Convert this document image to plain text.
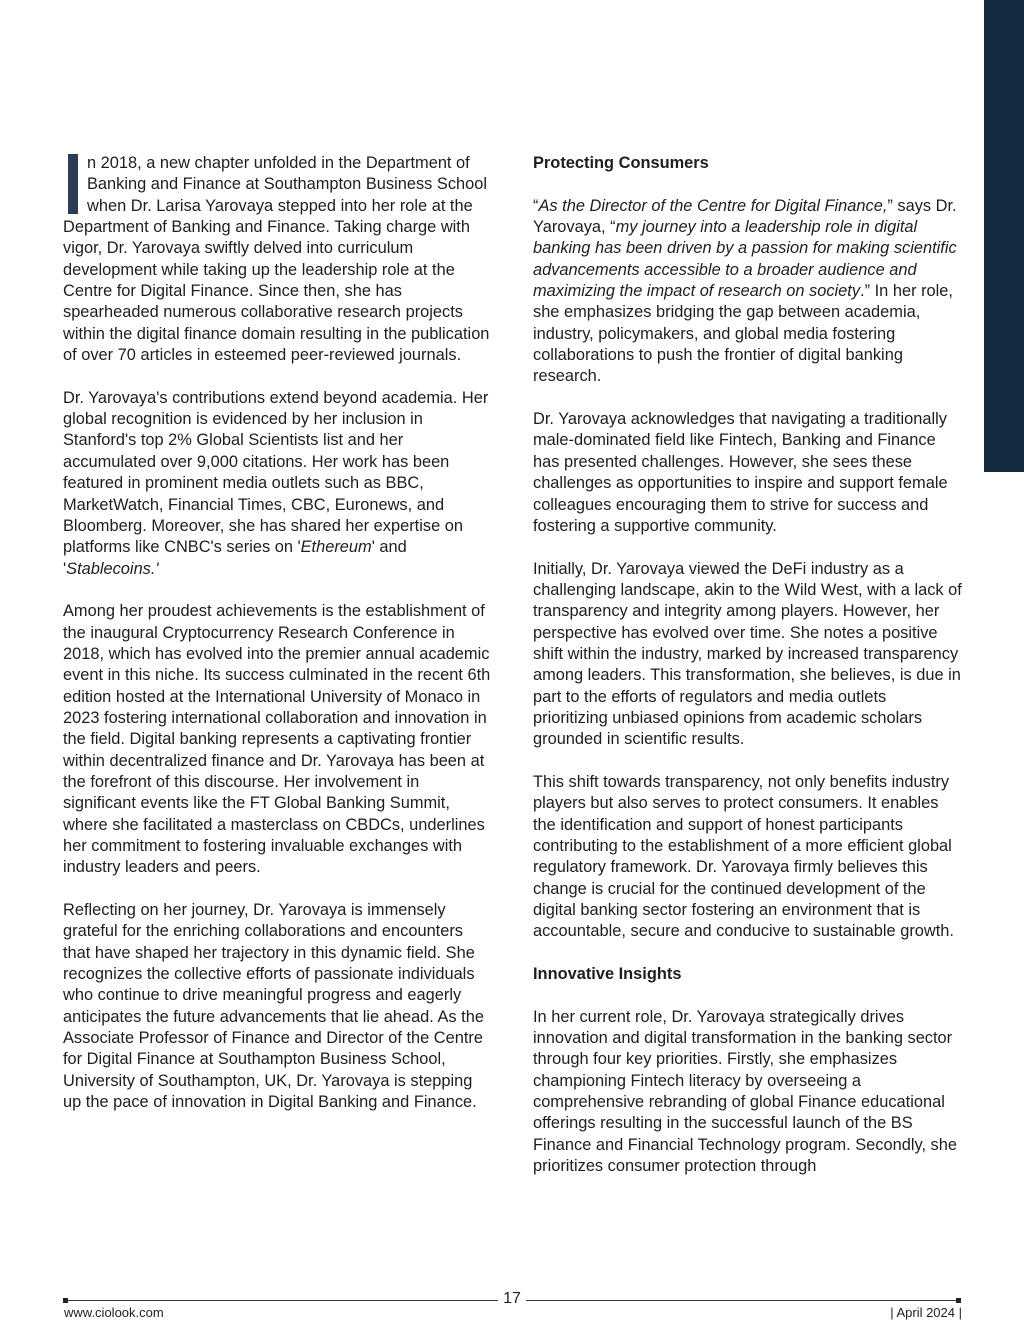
n 2018, a new chapter unfolded in the Department of Banking and Finance at Southampton Business School when Dr. Larisa Yarovaya stepped into her role at the Department of Banking and Finance. Taking charge with vigor, Dr. Yarovaya swiftly delved into curriculum development while taking up the leadership role at the Centre for Digital Finance. Since then, she has spearheaded numerous collaborative research projects within the digital finance domain resulting in the publication of over 70 articles in esteemed peer-reviewed journals.

Dr. Yarovaya's contributions extend beyond academia. Her global recognition is evidenced by her inclusion in Stanford's top 2% Global Scientists list and her accumulated over 9,000 citations. Her work has been featured in prominent media outlets such as BBC, MarketWatch, Financial Times, CBC, Euronews, and Bloomberg. Moreover, she has shared her expertise on platforms like CNBC's series on 'Ethereum' and 'Stablecoins.'

Among her proudest achievements is the establishment of the inaugural Cryptocurrency Research Conference in 2018, which has evolved into the premier annual academic event in this niche. Its success culminated in the recent 6th edition hosted at the International University of Monaco in 2023 fostering international collaboration and innovation in the field. Digital banking represents a captivating frontier within decentralized finance and Dr. Yarovaya has been at the forefront of this discourse. Her involvement in significant events like the FT Global Banking Summit, where she facilitated a masterclass on CBDCs, underlines her commitment to fostering invaluable exchanges with industry leaders and peers.

Reflecting on her journey, Dr. Yarovaya is immensely grateful for the enriching collaborations and encounters that have shaped her trajectory in this dynamic field. She recognizes the collective efforts of passionate individuals who continue to drive meaningful progress and eagerly anticipates the future advancements that lie ahead. As the Associate Professor of Finance and Director of the Centre for Digital Finance at Southampton Business School, University of Southampton, UK, Dr. Yarovaya is stepping up the pace of innovation in Digital Banking and Finance.

Protecting Consumers

“As the Director of the Centre for Digital Finance,” says Dr. Yarovaya, “my journey into a leadership role in digital banking has been driven by a passion for making scientific advancements accessible to a broader audience and maximizing the impact of research on society.” In her role, she emphasizes bridging the gap between academia, industry, policymakers, and global media fostering collaborations to push the frontier of digital banking research.

Dr. Yarovaya acknowledges that navigating a traditionally male-dominated field like Fintech, Banking and Finance has presented challenges. However, she sees these challenges as opportunities to inspire and support female colleagues encouraging them to strive for success and fostering a supportive community.

Initially, Dr. Yarovaya viewed the DeFi industry as a challenging landscape, akin to the Wild West, with a lack of transparency and integrity among players. However, her perspective has evolved over time. She notes a positive shift within the industry, marked by increased transparency among leaders. This transformation, she believes, is due in part to the efforts of regulators and media outlets prioritizing unbiased opinions from academic scholars grounded in scientific results.

This shift towards transparency, not only benefits industry players but also serves to protect consumers. It enables the identification and support of honest participants contributing to the establishment of a more efficient global regulatory framework. Dr. Yarovaya firmly believes this change is crucial for the continued development of the digital banking sector fostering an environment that is accountable, secure and conducive to sustainable growth.

Innovative Insights

In her current role, Dr. Yarovaya strategically drives innovation and digital transformation in the banking sector through four key priorities. Firstly, she emphasizes championing Fintech literacy by overseeing a comprehensive rebranding of global Finance educational offerings resulting in the successful launch of the BS Finance and Financial Technology program. Secondly, she prioritizes consumer protection through

17
www.ciolook.com	| April 2024 |
